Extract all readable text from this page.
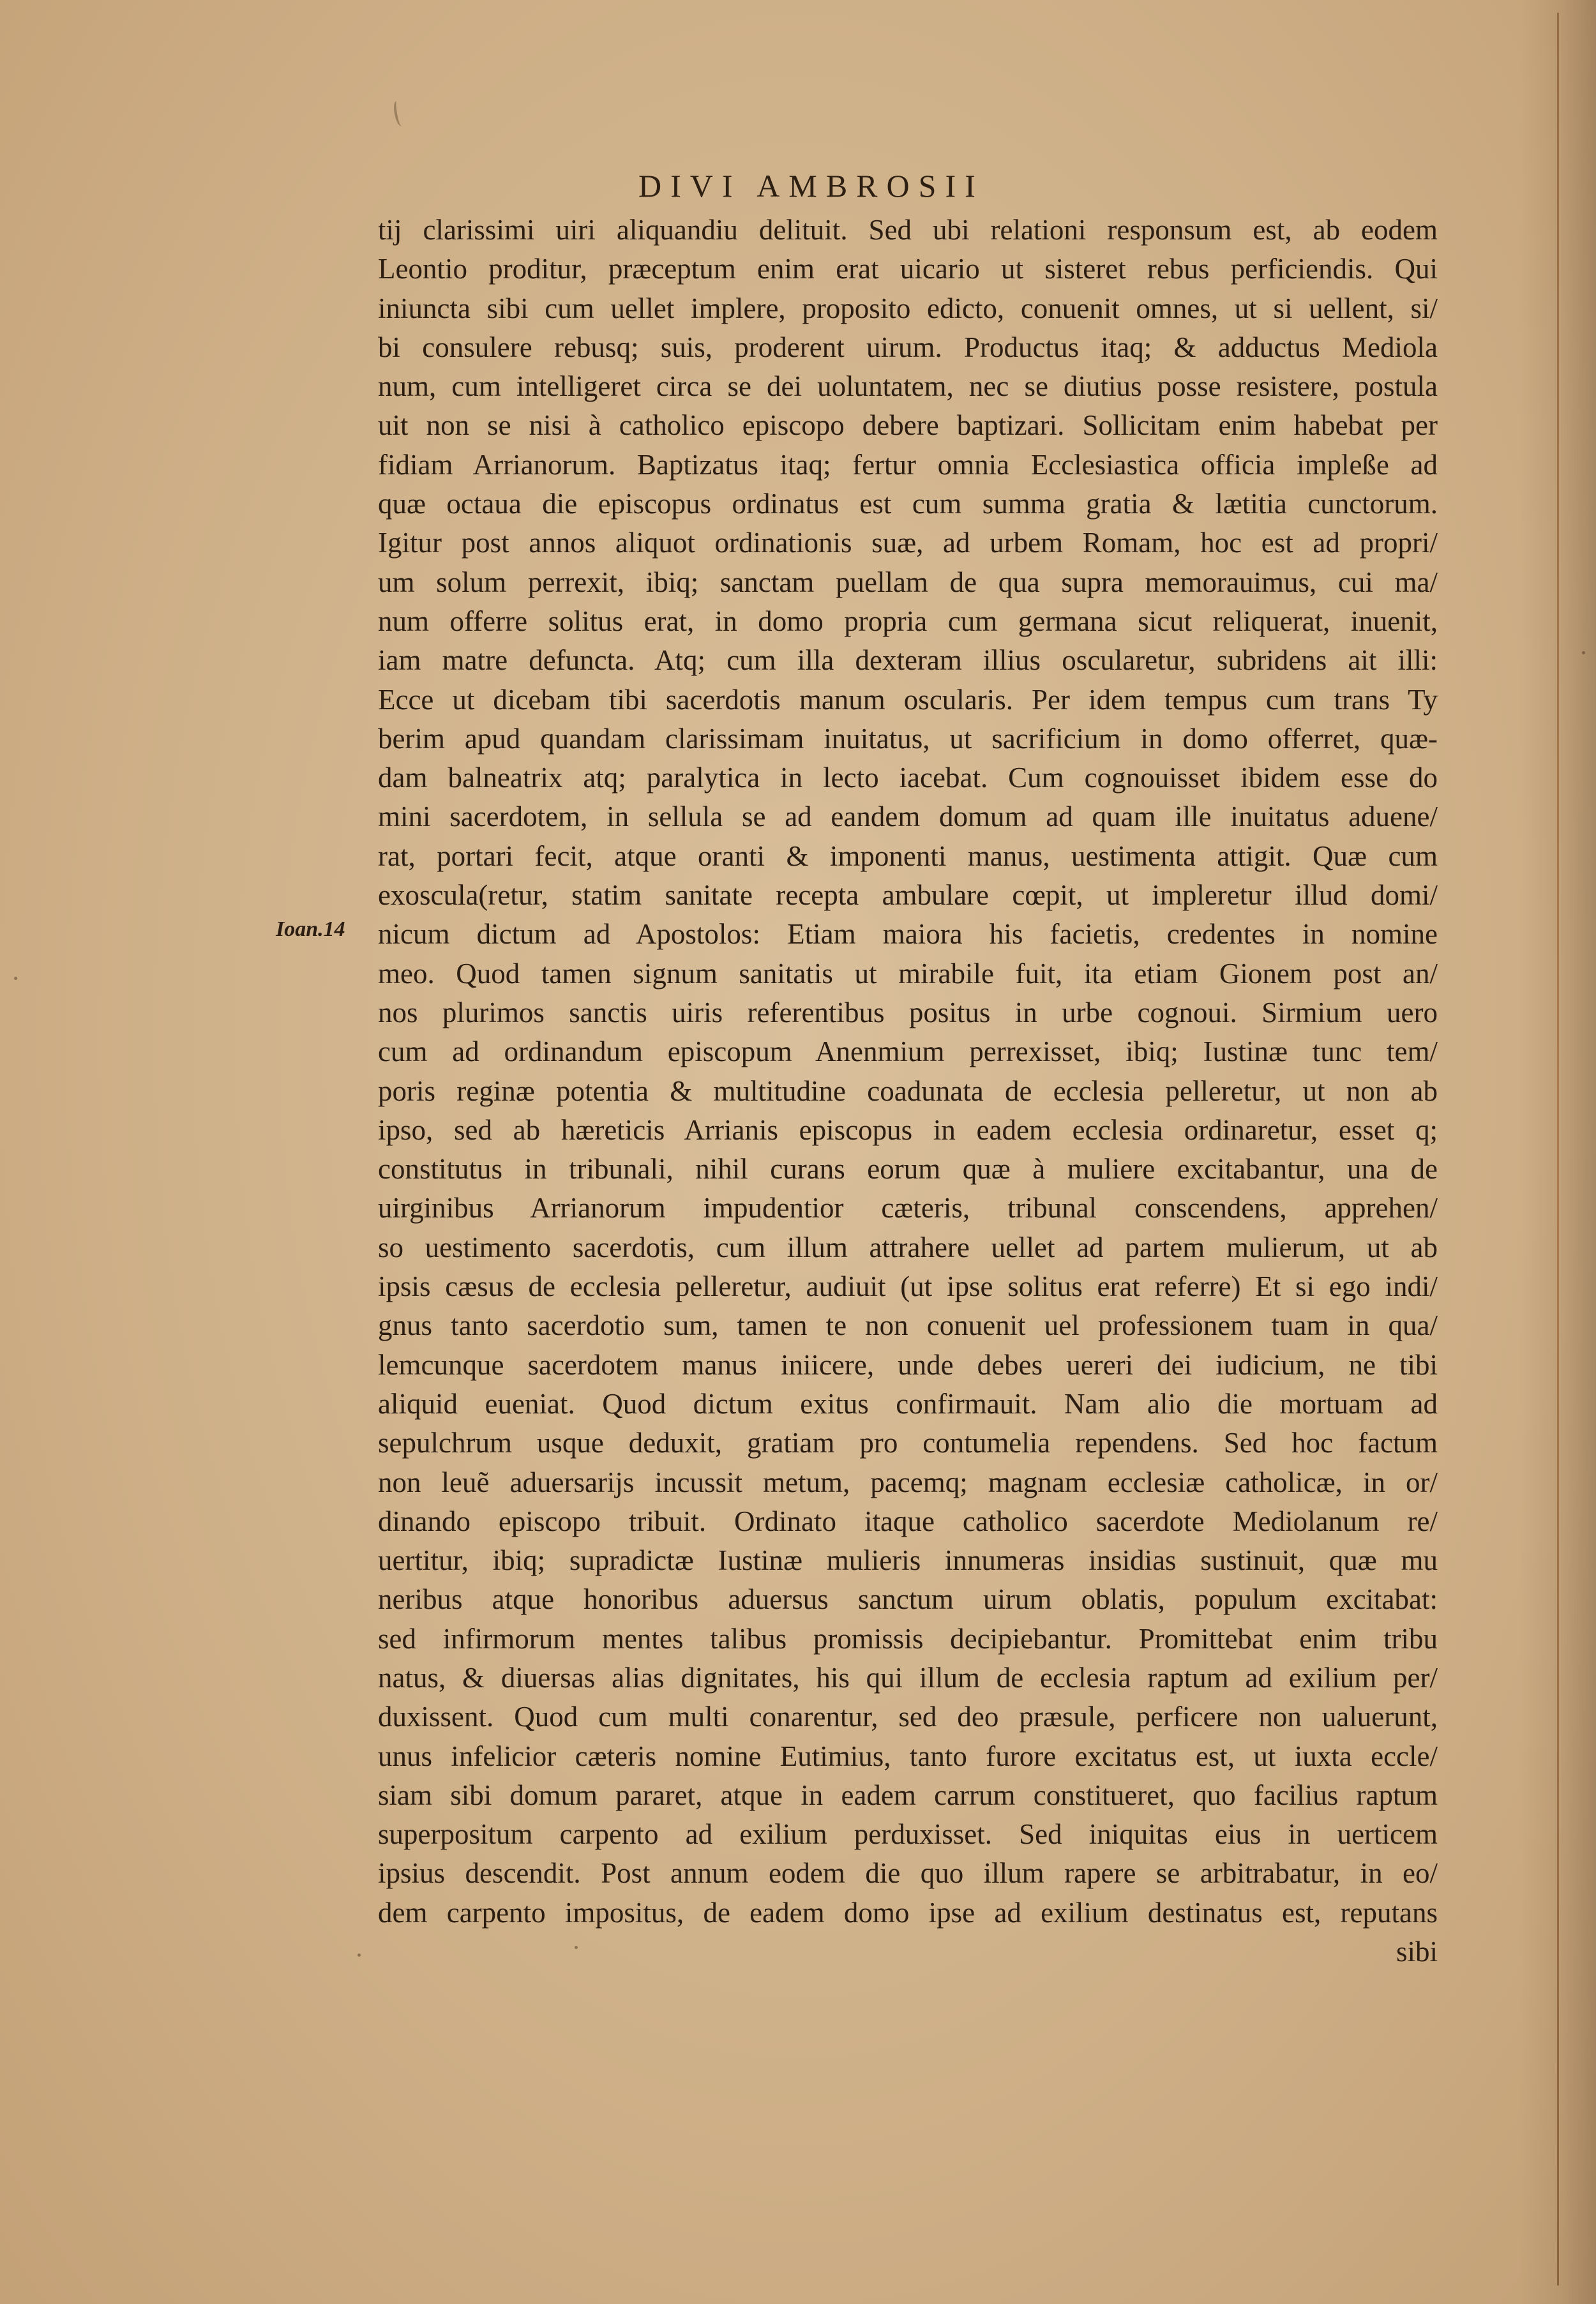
DIVI AMBROSII
Ioan.14
tij clarissimi uiri aliquandiu delituit. Sed ubi relationi responsum est, ab eodem
Leontio proditur, præceptum enim erat uicario ut sisteret rebus perficiendis. Qui
iniuncta sibi cum uellet implere, proposito edicto, conuenit omnes, ut si uellent, si/
bi consulere rebusq; suis, proderent uirum. Productus itaq; & adductus Mediola
num, cum intelligeret circa se dei uoluntatem, nec se diutius posse resistere, postula
uit non se nisi à catholico episcopo debere baptizari. Sollicitam enim habebat per
fidiam Arrianorum. Baptizatus itaq; fertur omnia Ecclesiastica officia impleße ad
quæ octaua die episcopus ordinatus est cum summa gratia & lætitia cunctorum.
Igitur post annos aliquot ordinationis suæ, ad urbem Romam, hoc est ad propri/
um solum perrexit, ibiq; sanctam puellam de qua supra memorauimus, cui ma/
num offerre solitus erat, in domo propria cum germana sicut reliquerat, inuenit,
iam matre defuncta. Atq; cum illa dexteram illius oscularetur, subridens ait illi:
Ecce ut dicebam tibi sacerdotis manum oscularis. Per idem tempus cum trans Ty
berim apud quandam clarissimam inuitatus, ut sacrificium in domo offerret, quæ-
dam balneatrix atq; paralytica in lecto iacebat. Cum cognouisset ibidem esse do
mini sacerdotem, in sellula se ad eandem domum ad quam ille inuitatus aduene/
rat, portari fecit, atque oranti & imponenti manus, uestimenta attigit. Quæ cum
exoscula(retur, statim sanitate recepta ambulare cœpit, ut impleretur illud domi/
nicum dictum ad Apostolos: Etiam maiora his facietis, credentes in nomine
meo. Quod tamen signum sanitatis ut mirabile fuit, ita etiam Gionem post an/
nos plurimos sanctis uiris referentibus positus in urbe cognoui. Sirmium uero
cum ad ordinandum episcopum Anenmium perrexisset, ibiq; Iustinæ tunc tem/
poris reginæ potentia & multitudine coadunata de ecclesia pelleretur, ut non ab
ipso, sed ab hæreticis Arrianis episcopus in eadem ecclesia ordinaretur, esset q;
constitutus in tribunali, nihil curans eorum quæ à muliere excitabantur, una de
uirginibus Arrianorum impudentior cæteris, tribunal conscendens, apprehen/
so uestimento sacerdotis, cum illum attrahere uellet ad partem mulierum, ut ab
ipsis cæsus de ecclesia pelleretur, audiuit (ut ipse solitus erat referre) Et si ego indi/
gnus tanto sacerdotio sum, tamen te non conuenit uel professionem tuam in qua/
lemcunque sacerdotem manus iniicere, unde debes uereri dei iudicium, ne tibi
aliquid eueniat. Quod dictum exitus confirmauit. Nam alio die mortuam ad
sepulchrum usque deduxit, gratiam pro contumelia rependens. Sed hoc factum
non leuẽ aduersarijs incussit metum, pacemq; magnam ecclesiæ catholicæ, in or/
dinando episcopo tribuit. Ordinato itaque catholico sacerdote Mediolanum re/
uertitur, ibiq; supradictæ Iustinæ mulieris innumeras insidias sustinuit, quæ mu
neribus atque honoribus aduersus sanctum uirum oblatis, populum excitabat:
sed infirmorum mentes talibus promissis decipiebantur. Promittebat enim tribu
natus, & diuersas alias dignitates, his qui illum de ecclesia raptum ad exilium per/
duxissent. Quod cum multi conarentur, sed deo præsule, perficere non ualuerunt,
unus infelicior cæteris nomine Eutimius, tanto furore excitatus est, ut iuxta eccle/
siam sibi domum pararet, atque in eadem carrum constitueret, quo facilius raptum
superpositum carpento ad exilium perduxisset. Sed iniquitas eius in uerticem
ipsius descendit. Post annum eodem die quo illum rapere se arbitrabatur, in eo/
dem carpento impositus, de eadem domo ipse ad exilium destinatus est, reputans
sibi
